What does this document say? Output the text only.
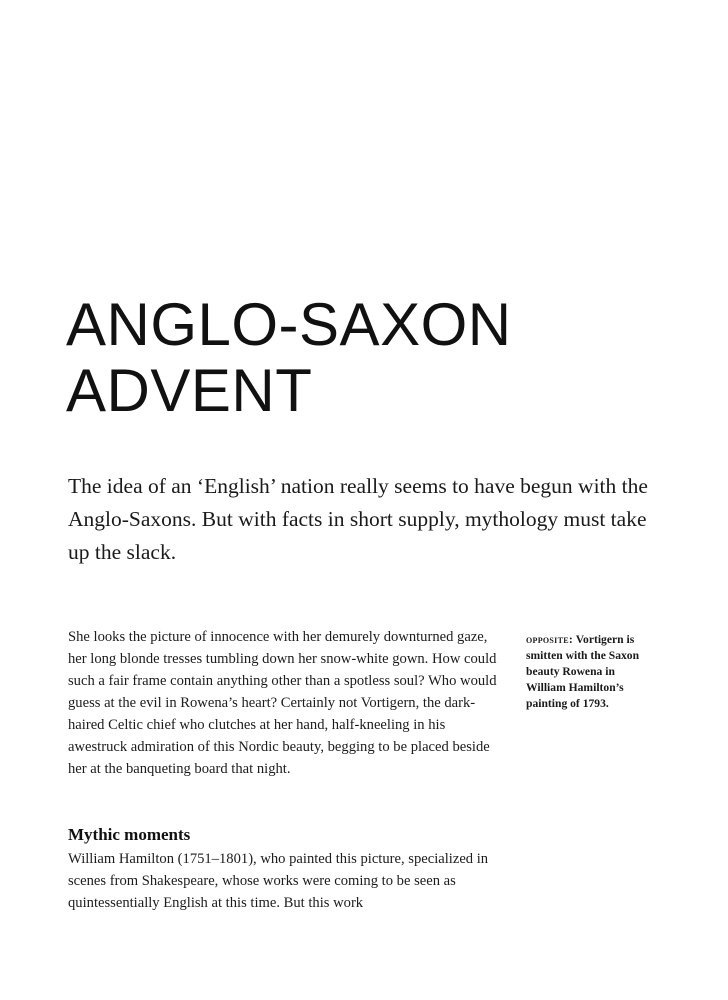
ANGLO-SAXON
ADVENT

The idea of an ‘English’ nation really seems to have begun with the Anglo-Saxons. But with facts in short supply, mythology must take up the slack.

She looks the picture of innocence with her demurely downturned gaze, her long blonde tresses tumbling down her snow-white gown. How could such a fair frame contain anything other than a spotless soul? Who would guess at the evil in Rowena’s heart? Certainly not Vortigern, the dark-haired Celtic chief who clutches at her hand, half-kneeling in his awestruck admiration of this Nordic beauty, begging to be placed beside her at the banqueting board that night.

Mythic moments

William Hamilton (1751–1801), who painted this picture, specialized in scenes from Shakespeare, whose works were coming to be seen as quintessentially English at this time. But this work

opposite: Vortigern is smitten with the Saxon beauty Rowena in William Hamilton’s painting of 1793.
